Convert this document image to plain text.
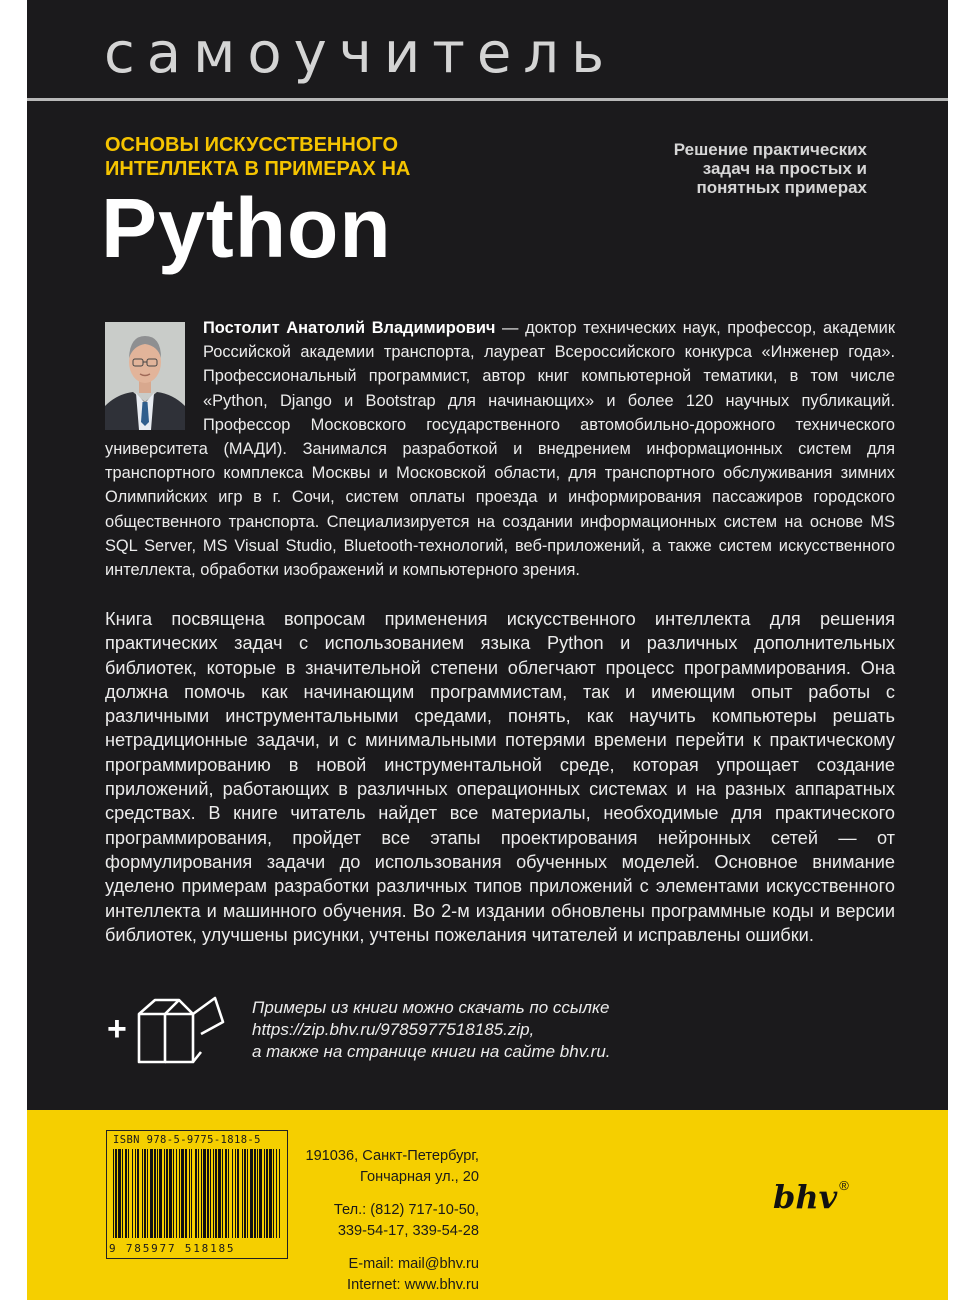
самоучитель
ОСНОВЫ ИСКУССТВЕННОГО ИНТЕЛЛЕКТА В ПРИМЕРАХ НА
Python
Решение практических задач на простых и понятных примерах

Постолит Анатолий Владимирович — доктор технических наук, профессор, академик Российской академии транспорта, лауреат Всероссийского конкурса «Инженер года». Профессиональный программист, автор книг компьютерной тематики, в том числе «Python, Django и Bootstrap для начинающих» и более 120 научных публикаций. Профессор Московского государственного автомобильно-дорожного технического университета (МАДИ). Занимался разработкой и внедрением информационных систем для транспортного комплекса Москвы и Московской области, для транспортного обслуживания зимних Олимпийских игр в г. Сочи, систем оплаты проезда и информирования пассажиров городского общественного транспорта. Специализируется на создании информационных систем на основе MS SQL Server, MS Visual Studio, Bluetooth-технологий, веб-приложений, а также систем искусственного интеллекта, обработки изображений и компьютерного зрения.

Книга посвящена вопросам применения искусственного интеллекта для решения практических задач с использованием языка Python и различных дополнительных библиотек, которые в значительной степени облегчают процесс программирования. Она должна помочь как начинающим программистам, так и имеющим опыт работы с различными инструментальными средами, понять, как научить компьютеры решать нетрадиционные задачи, и с минимальными потерями времени перейти к практическому программированию в новой инструментальной среде, которая упрощает создание приложений, работающих в различных операционных системах и на разных аппаратных средствах. В книге читатель найдет все материалы, необходимые для практического программирования, пройдет все этапы проектирования нейронных сетей — от формулирования задачи до использования обученных моделей. Основное внимание уделено примерам разработки различных типов приложений с элементами искусственного интеллекта и машинного обучения. Во 2-м издании обновлены программные коды и версии библиотек, улучшены рисунки, учтены пожелания читателей и исправлены ошибки.

+
Примеры из книги можно скачать по ссылке
https://zip.bhv.ru/9785977518185.zip,
а также на странице книги на сайте bhv.ru.
ISBN 978-5-9775-1818-5
9 785977 518185
191036, Санкт-Петербург,
Гончарная ул., 20
Тел.: (812) 717-10-50,
339-54-17, 339-54-28
E-mail: mail@bhv.ru
Internet: www.bhv.ru
bhv ®
